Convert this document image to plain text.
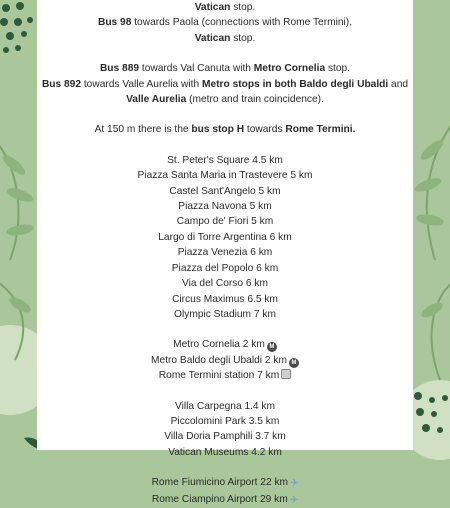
Vatican stop.
Bus 98 towards Paola (connections with Rome Termini),
Vatican stop.
Bus 889 towards Val Canuta with Metro Cornelia stop.
Bus 892 towards Valle Aurelia with Metro stops in both Baldo degli Ubaldi and
Valle Aurelia (metro and train coincidence).
At 150 m there is the bus stop H towards Rome Termini.
St. Peter's Square 4.5 km
Piazza Santa Maria in Trastevere 5 km
Castel Sant'Angelo 5 km
Piazza Navona 5 km
Campo de' Fiori 5 km
Largo di Torre Argentina 6 km
Piazza Venezia 6 km
Piazza del Popolo 6 km
Via del Corso 6 km
Circus Maximus 6.5 km
Olympic Stadium 7 km
Metro Cornelia 2 km M
Metro Baldo degli Ubaldi 2 km M
Rome Termini station 7 km
Villa Carpegna 1.4 km
Piccolomini Park 3.5 km
Villa Doria Pamphili 3.7 km
Vatican Museums 4.2 km
Rome Fiumicino Airport 22 km ✈
Rome Ciampino Airport 29 km ✈
